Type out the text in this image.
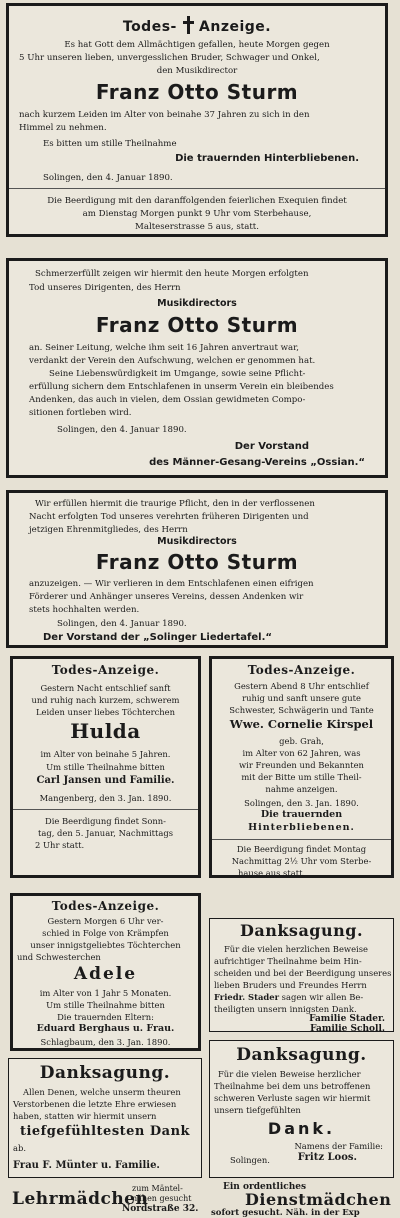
Todes- Anzeige.
Es hat Gott dem Allmächtigen gefallen, heute Morgen gegen
5 Uhr unseren lieben, unvergesslichen Bruder, Schwager und Onkel,
den Musikdirector
Franz Otto Sturm
nach kurzem Leiden im Alter von beinahe 37 Jahren zu sich in den
Himmel zu nehmen.
Es bitten um stille Theilnahme
Die trauernden Hinterbliebenen.
Solingen, den 4. Januar 1890.
Die Beerdigung mit den daranffolgenden feierlichen Exequien findet
am Dienstag Morgen punkt 9 Uhr vom Sterbehause,
Malteserstrasse 5 aus, statt.
Schmerzerfüllt zeigen wir hiermit den heute Morgen erfolgten
Tod unseres Dirigenten, des Herrn
Musikdirectors
Franz Otto Sturm
an. Seiner Leitung, welche ihm seit 16 Jahren anvertraut war,
verdankt der Verein den Aufschwung, welchen er genommen hat.
Seine Liebenswürdigkeit im Umgange, sowie seine Pflicht-
erfüllung sichern dem Entschlafenen in unserm Verein ein bleibendes
Andenken, das auch in vielen, dem Ossian gewidmeten Compo-
sitionen fortleben wird.
Solingen, den 4. Januar 1890.
Der Vorstand
des Männer-Gesang-Vereins „Ossian.“
Wir erfüllen hiermit die traurige Pflicht, den in der verflossenen
Nacht erfolgten Tod unseres verehrten früheren Dirigenten und
jetzigen Ehrenmitgliedes, des Herrn
Musikdirectors
Franz Otto Sturm
anzuzeigen. — Wir verlieren in dem Entschlafenen einen eifrigen
Förderer und Anhänger unseres Vereins, dessen Andenken wir
stets hochhalten werden.
Solingen, den 4. Januar 1890.
Der Vorstand der „Solinger Liedertafel.“
Todes-Anzeige.
Gestern Nacht entschlief sanft
und ruhig nach kurzem, schwerem
Leiden unser liebes Töchterchen
Hulda
im Alter von beinahe 5 Jahren.
Um stille Theilnahme bitten
Carl Jansen und Familie.
Mangenberg, den 3. Jan. 1890.
Die Beerdigung findet Sonn-
tag, den 5. Januar, Nachmittags
2 Uhr statt.
Todes-Anzeige.
Gestern Abend 8 Uhr entschlief
ruhig und sanft unsere gute
Schwester, Schwägerin und Tante
Wwe. Cornelie Kirspel
geb. Grah,
im Alter von 62 Jahren, was
wir Freunden und Bekannten
mit der Bitte um stille Theil-
nahme anzeigen.
Solingen, den 3. Jan. 1890.
Die trauernden
Hinterbliebenen.
Die Beerdigung findet Montag
Nachmittag 2½ Uhr vom Sterbe-
hause aus statt.
Todes-Anzeige.
Gestern Morgen 6 Uhr ver-
schied in Folge von Krämpfen
unser innigstgeliebtes Töchterchen
und Schwesterchen
Adele
im Alter von 1 Jahr 5 Monaten.
Um stille Theilnahme bitten
Die trauernden Eltern:
Eduard Berghaus u. Frau.
Schlagbaum, den 3. Jan. 1890.
Danksagung.
Für die vielen herzlichen Beweise
aufrichtiger Theilnahme beim Hin-
scheiden und bei der Beerdigung unseres
lieben Bruders und Freundes Herrn
Friedr. Stader sagen wir allen Be-
theiligten unsern innigsten Dank.
Familie Stader.
Familie Scholl.
Danksagung.
Allen Denen, welche unserm theuren
Verstorbenen die letzte Ehre erwiesen
haben, statten wir hiermit unsern
tiefgefühltesten Dank
ab.
Frau F. Münter u. Familie.
Danksagung.
Für die vielen Beweise herzlicher
Theilnahme bei dem uns betroffenen
schweren Verluste sagen wir hiermit
unsern tiefgefühlten
Dank.
Namens der Familie:
Solingen.	Fritz Loos.
Lehrmädchen
zum Mäntel-
nähen gesucht
Nordstraße 32.
Ein ordentliches
Dienstmädchen
sofort gesucht. Näh. in der Exp
